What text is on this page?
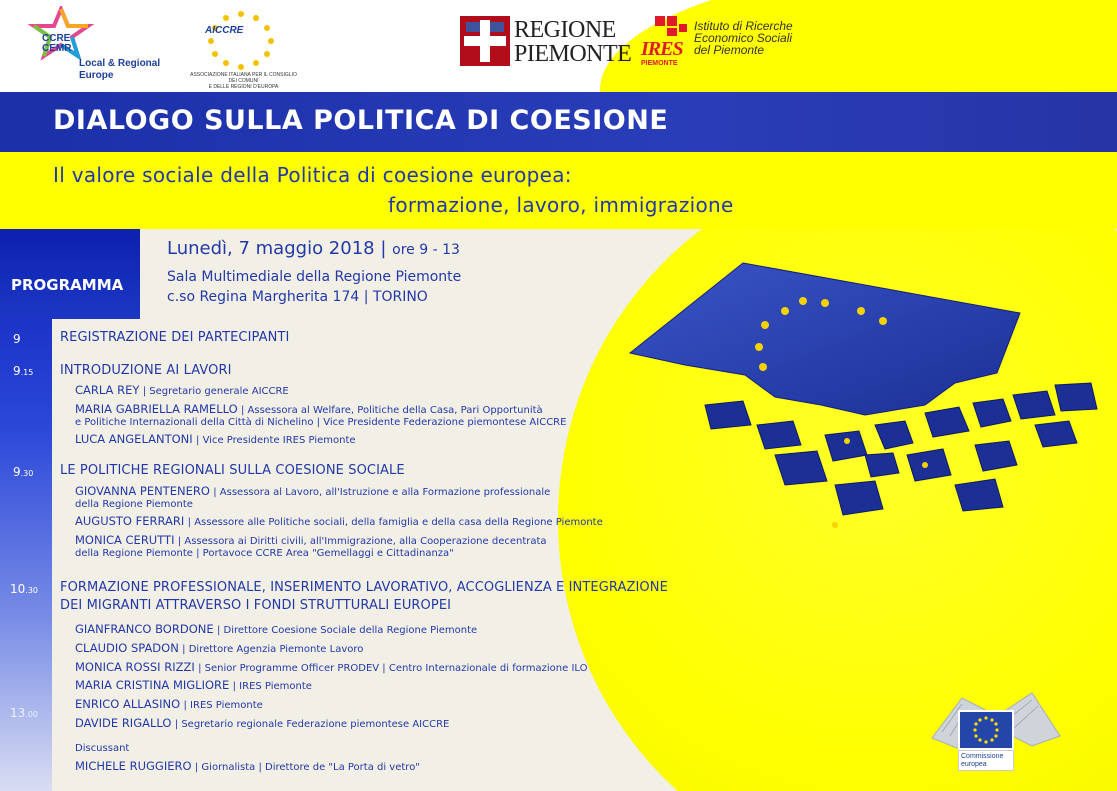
CCRE
CEMR
Local & Regional
Europe
AICCRE
ASSOCIAZIONE ITALIANA PER IL CONSIGLIO DEI COMUNI
E DELLE REGIONI D'EUROPA
REGIONE
PIEMONTE IRES
PIEMONTE
Istituto di Ricerche
Economico Sociali
del Piemonte
DIALOGO SULLA POLITICA DI COESIONE
Il valore sociale della Politica di coesione europea:
formazione, lavoro, immigrazione
PROGRAMMA
9
9.15
9.30
10.30
13.00
Lunedì, 7 maggio 2018 | ore 9 - 13
Sala Multimediale della Regione Piemonte
c.so Regina Margherita 174 | TORINO
REGISTRAZIONE DEI PARTECIPANTI
INTRODUZIONE AI LAVORI
CARLA REY | Segretario generale AICCRE
MARIA GABRIELLA RAMELLO | Assessora al Welfare, Politiche della Casa, Pari Opportunità
e Politiche Internazionali della Città di Nichelino | Vice Presidente Federazione piemontese AICCRE
LUCA ANGELANTONI | Vice Presidente IRES Piemonte
LE POLITICHE REGIONALI SULLA COESIONE SOCIALE
GIOVANNA PENTENERO | Assessora al Lavoro, all'Istruzione e alla Formazione professionale
della Regione Piemonte
AUGUSTO FERRARI | Assessore alle Politiche sociali, della famiglia e della casa della Regione Piemonte
MONICA CERUTTI | Assessora ai Diritti civili, all'Immigrazione, alla Cooperazione decentrata
della Regione Piemonte | Portavoce CCRE Area "Gemellaggi e Cittadinanza"
FORMAZIONE PROFESSIONALE, INSERIMENTO LAVORATIVO, ACCOGLIENZA E INTEGRAZIONE
DEI MIGRANTI ATTRAVERSO I FONDI STRUTTURALI EUROPEI
GIANFRANCO BORDONE | Direttore Coesione Sociale della Regione Piemonte
CLAUDIO SPADON | Direttore Agenzia Piemonte Lavoro
MONICA ROSSI RIZZI | Senior Programme Officer PRODEV | Centro Internazionale di formazione ILO
MARIA CRISTINA MIGLIORE | IRES Piemonte
ENRICO ALLASINO | IRES Piemonte
DAVIDE RIGALLO | Segretario regionale Federazione piemontese AICCRE
Discussant
MICHELE RUGGIERO | Giornalista | Direttore de "La Porta di vetro"
Commissione
europea
